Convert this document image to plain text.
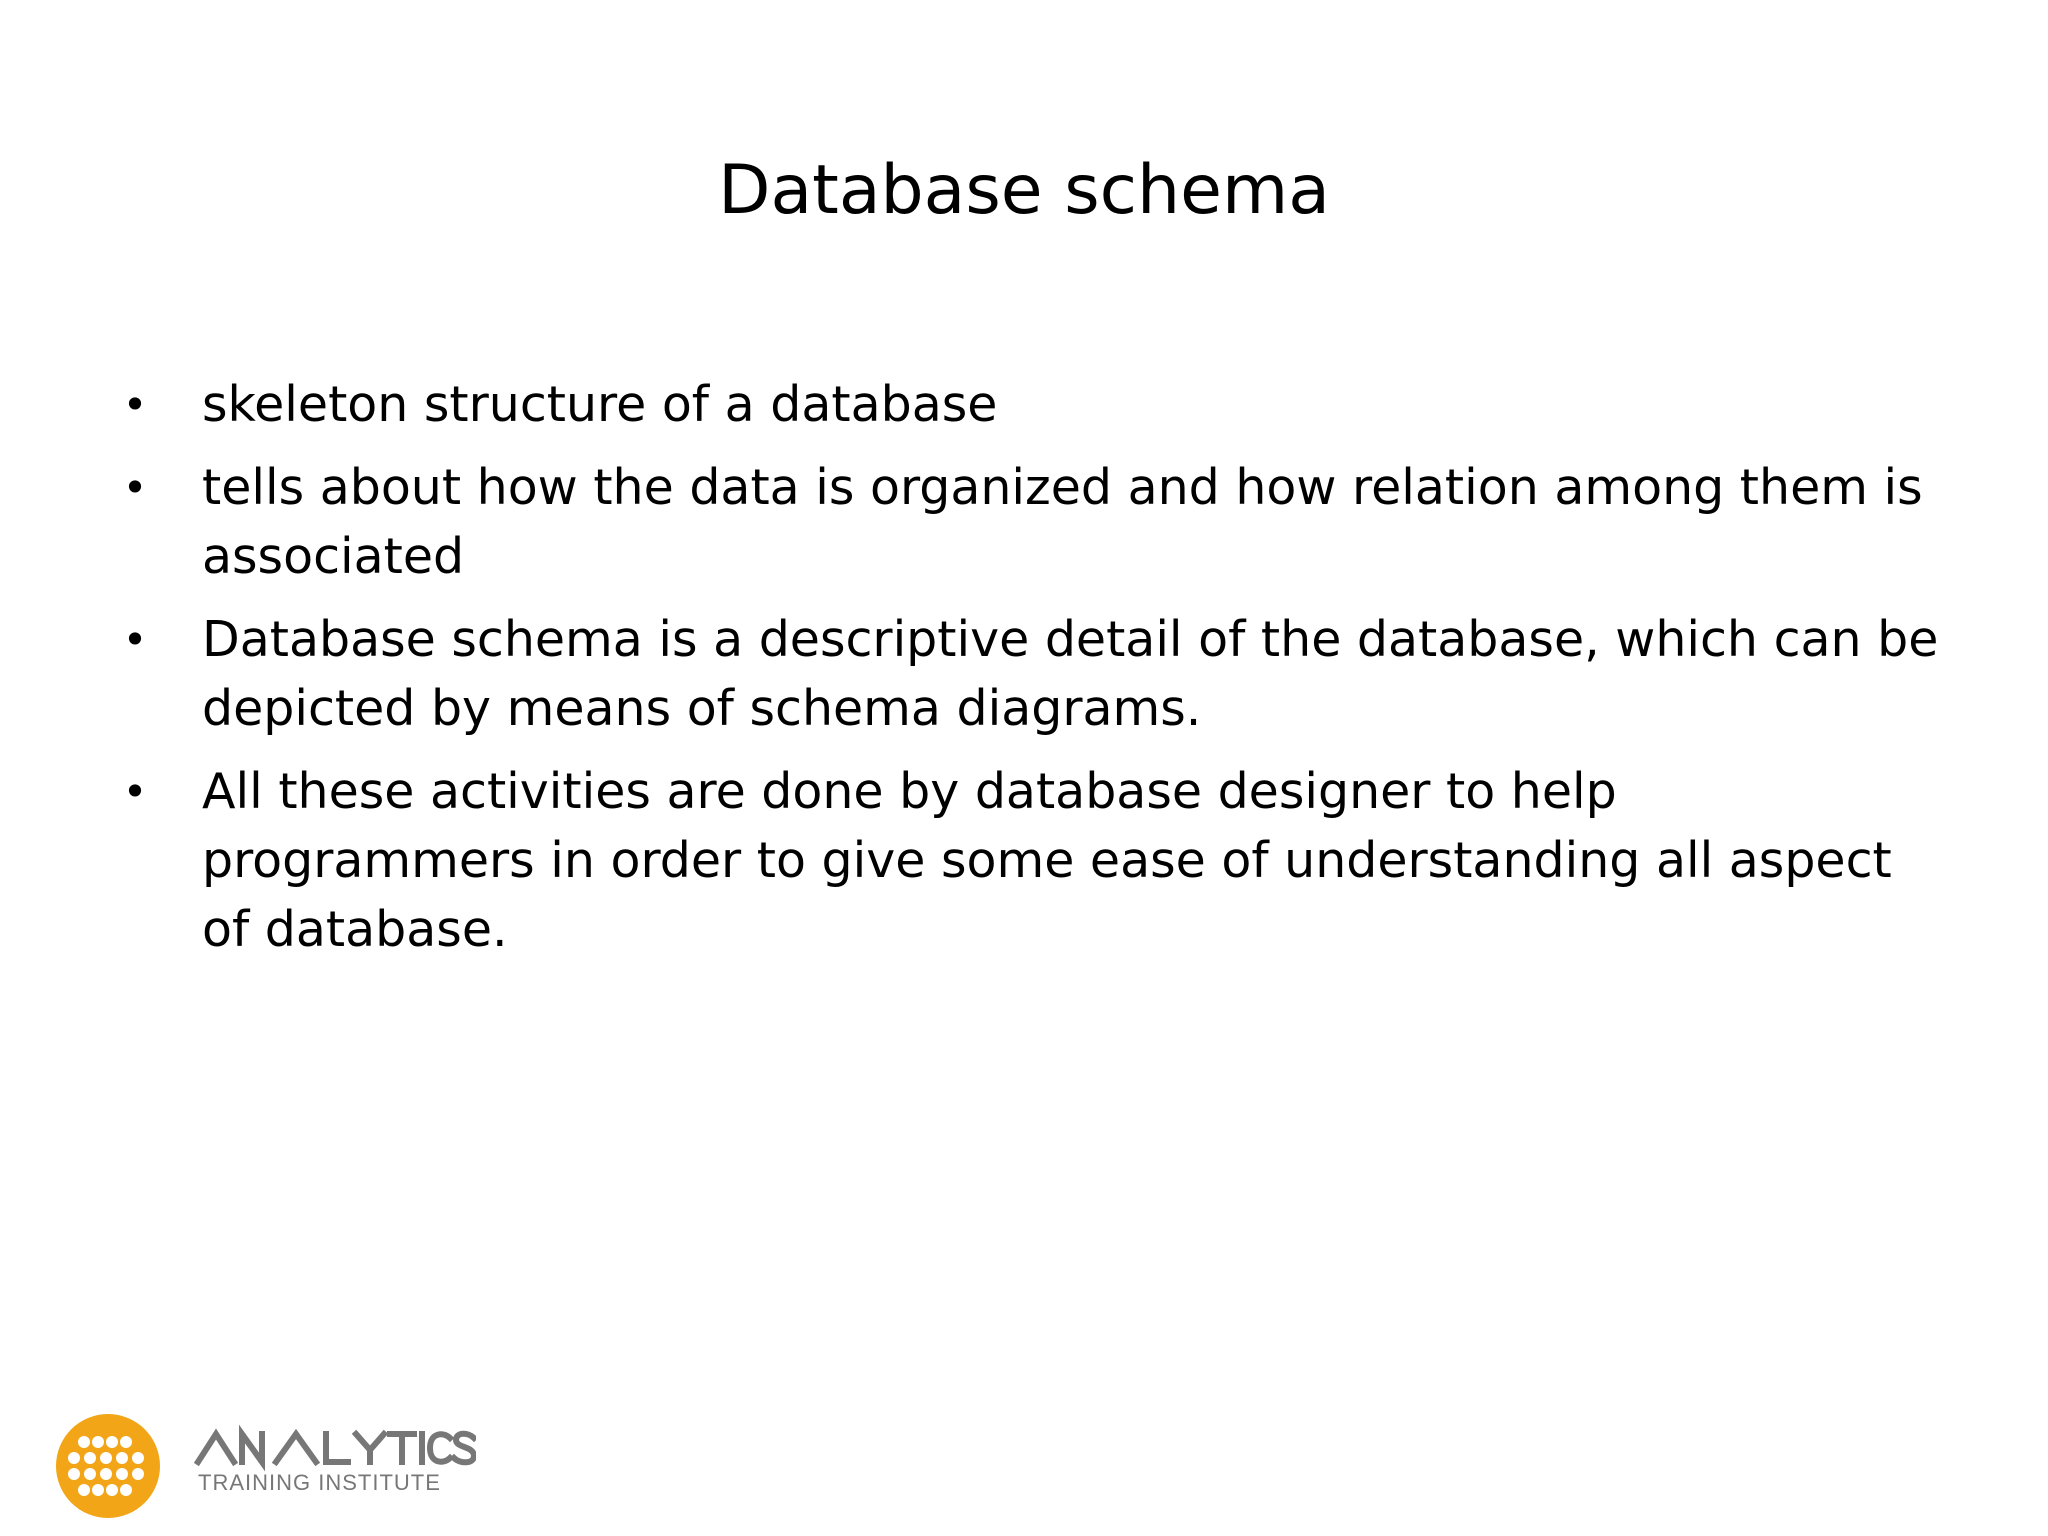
Database schema
• skeleton structure of a database
• tells about how the data is organized and how relation among them is associated
• Database schema is a descriptive detail of the database, which can be depicted by means of schema diagrams.
• All these activities are done by database designer to help programmers in order to give some ease of understanding all aspect of database.
TRAINING INSTITUTE
